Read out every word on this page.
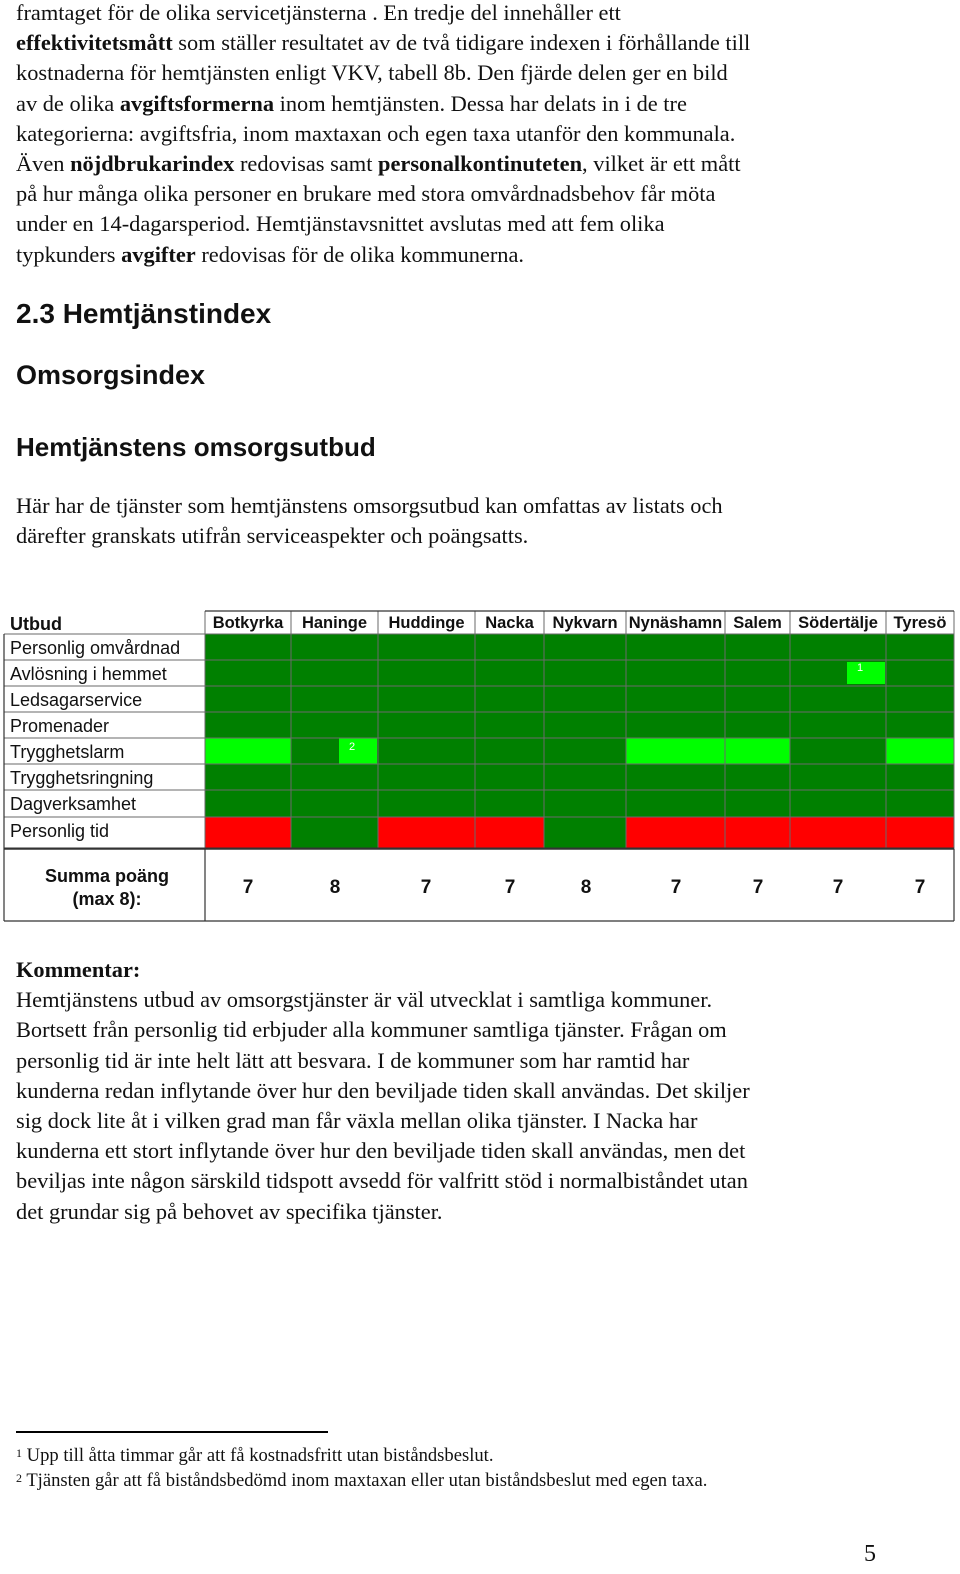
framtaget för de olika servicetjänsterna . En tredje del innehåller ett
effektivitetsmått som ställer resultatet av de två tidigare indexen i förhållande till
kostnaderna för hemtjänsten enligt VKV, tabell 8b. Den fjärde delen ger en bild
av de olika avgiftsformerna inom hemtjänsten. Dessa har delats in i de tre
kategorierna: avgiftsfria, inom maxtaxan och egen taxa utanför den kommunala.
Även nöjdbrukarindex redovisas samt personalkontinuteten, vilket är ett mått
på hur många olika personer en brukare med stora omvårdnadsbehov får möta
under en 14-dagarsperiod. Hemtjänstavsnittet avslutas med att fem olika
typkunders avgifter redovisas för de olika kommunerna.
2.3 Hemtjänstindex
Omsorgsindex
Hemtjänstens omsorgsutbud
Här har de tjänster som hemtjänstens omsorgsutbud kan omfattas av listats och
därefter granskats utifrån serviceaspekter och poängsatts.
1
2
Utbud	Botkyrka Haninge Huddinge Nacka Nykvarn Nynäshamn Salem Södertälje Tyresö
Personlig omvårdnad
Avlösning i hemmet
Ledsagarservice
Promenader
Trygghetslarm
Trygghetsringning
Dagverksamhet
Personlig tid
Summa poäng
(max 8):
7	8	7	7	8	7	7	7	7
Kommentar:
Hemtjänstens utbud av omsorgstjänster är väl utvecklat i samtliga kommuner.
Bortsett från personlig tid erbjuder alla kommuner samtliga tjänster. Frågan om
personlig tid är inte helt lätt att besvara. I de kommuner som har ramtid har
kunderna redan inflytande över hur den beviljade tiden skall användas. Det skiljer
sig dock lite åt i vilken grad man får växla mellan olika tjänster. I Nacka har
kunderna ett stort inflytande över hur den beviljade tiden skall användas, men det
beviljas inte någon särskild tidspott avsedd för valfritt stöd i normalbiståndet utan
det grundar sig på behovet av specifika tjänster.
$^1$ Upp till åtta timmar går att få kostnadsfritt utan biståndsbeslut.
$^2$ Tjänsten går att få biståndsbedömd inom maxtaxan eller utan biståndsbeslut med egen taxa.
5
